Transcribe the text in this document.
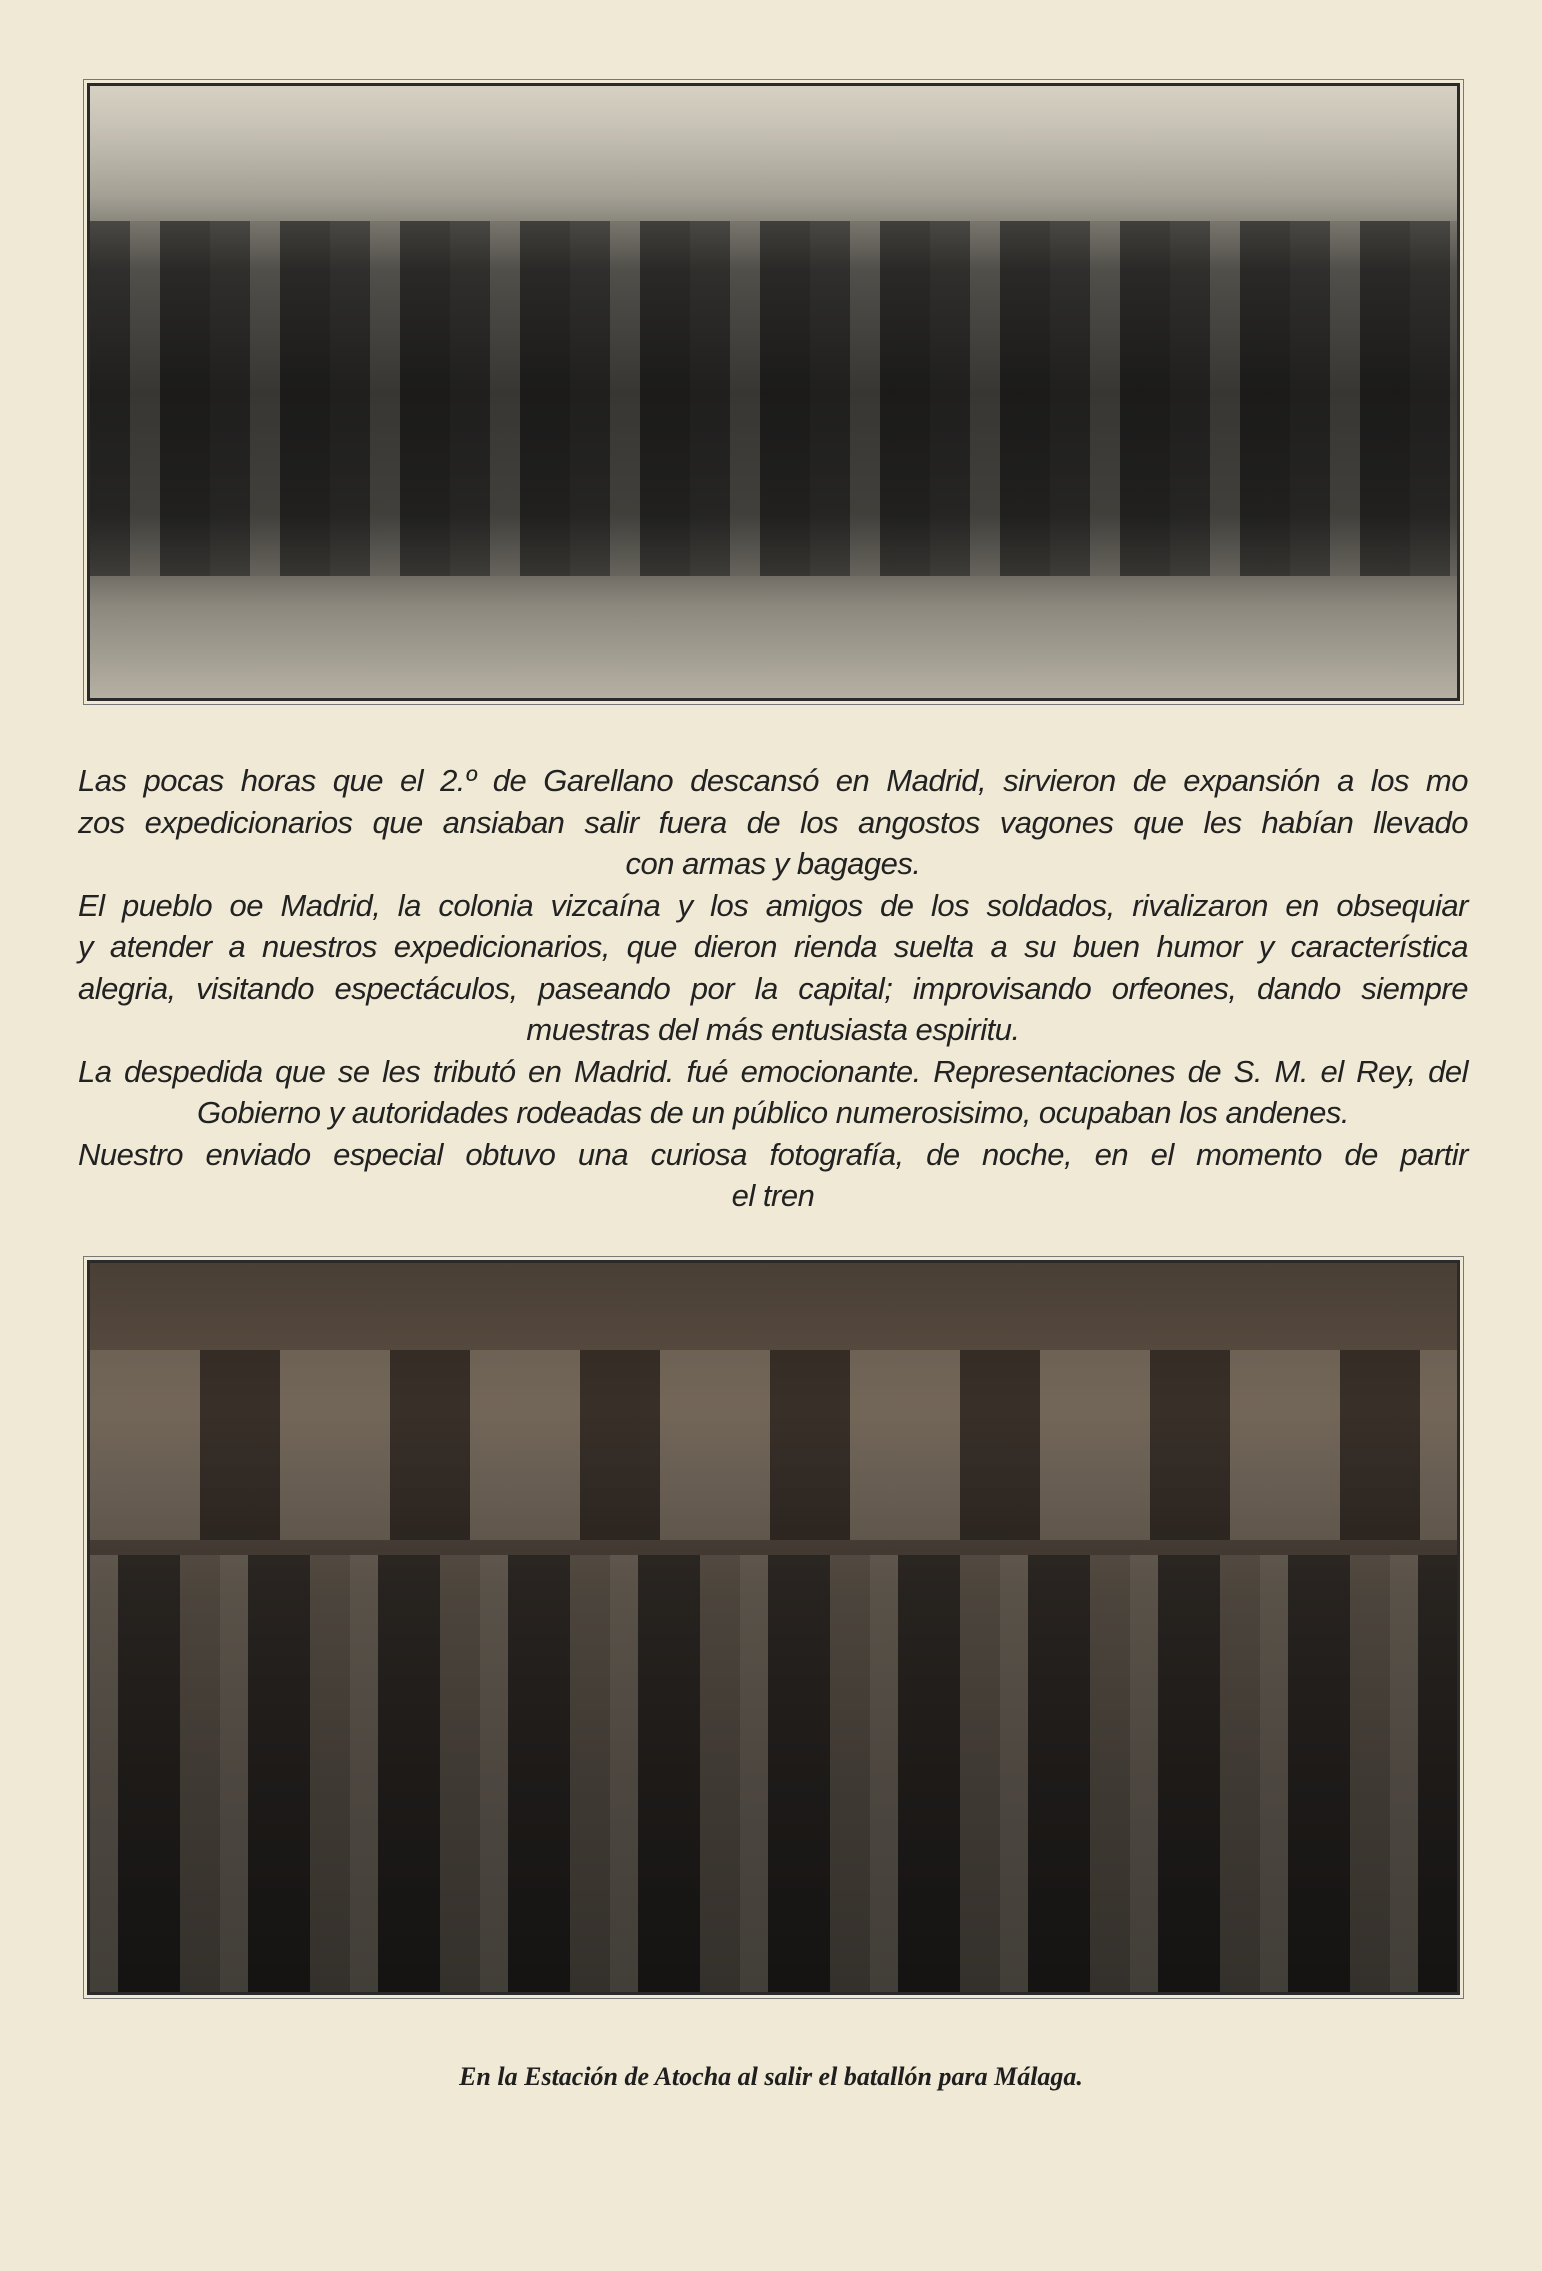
Las pocas horas que el 2.º de Garellano descansó en Madrid, sirvieron de expansión a los mo
zos expedicionarios que ansiaban salir fuera de los angostos vagones que les habían llevado
con armas y bagages.
El pueblo oe Madrid, la colonia vizcaína y los amigos de los soldados, rivalizaron en obsequiar
y atender a nuestros expedicionarios, que dieron rienda suelta a su buen humor y característica
alegria, visitando espectáculos, paseando por la capital; improvisando orfeones, dando siempre
muestras del más entusiasta espiritu.
La despedida que se les tributó en Madrid. fué emocionante. Representaciones de S. M. el Rey, del
Gobierno y autoridades rodeadas de un público numerosisimo, ocupaban los andenes.
Nuestro enviado especial obtuvo una curiosa fotografía, de noche, en el momento de partir
el tren
En la Estación de Atocha al salir el batallón para Málaga.
